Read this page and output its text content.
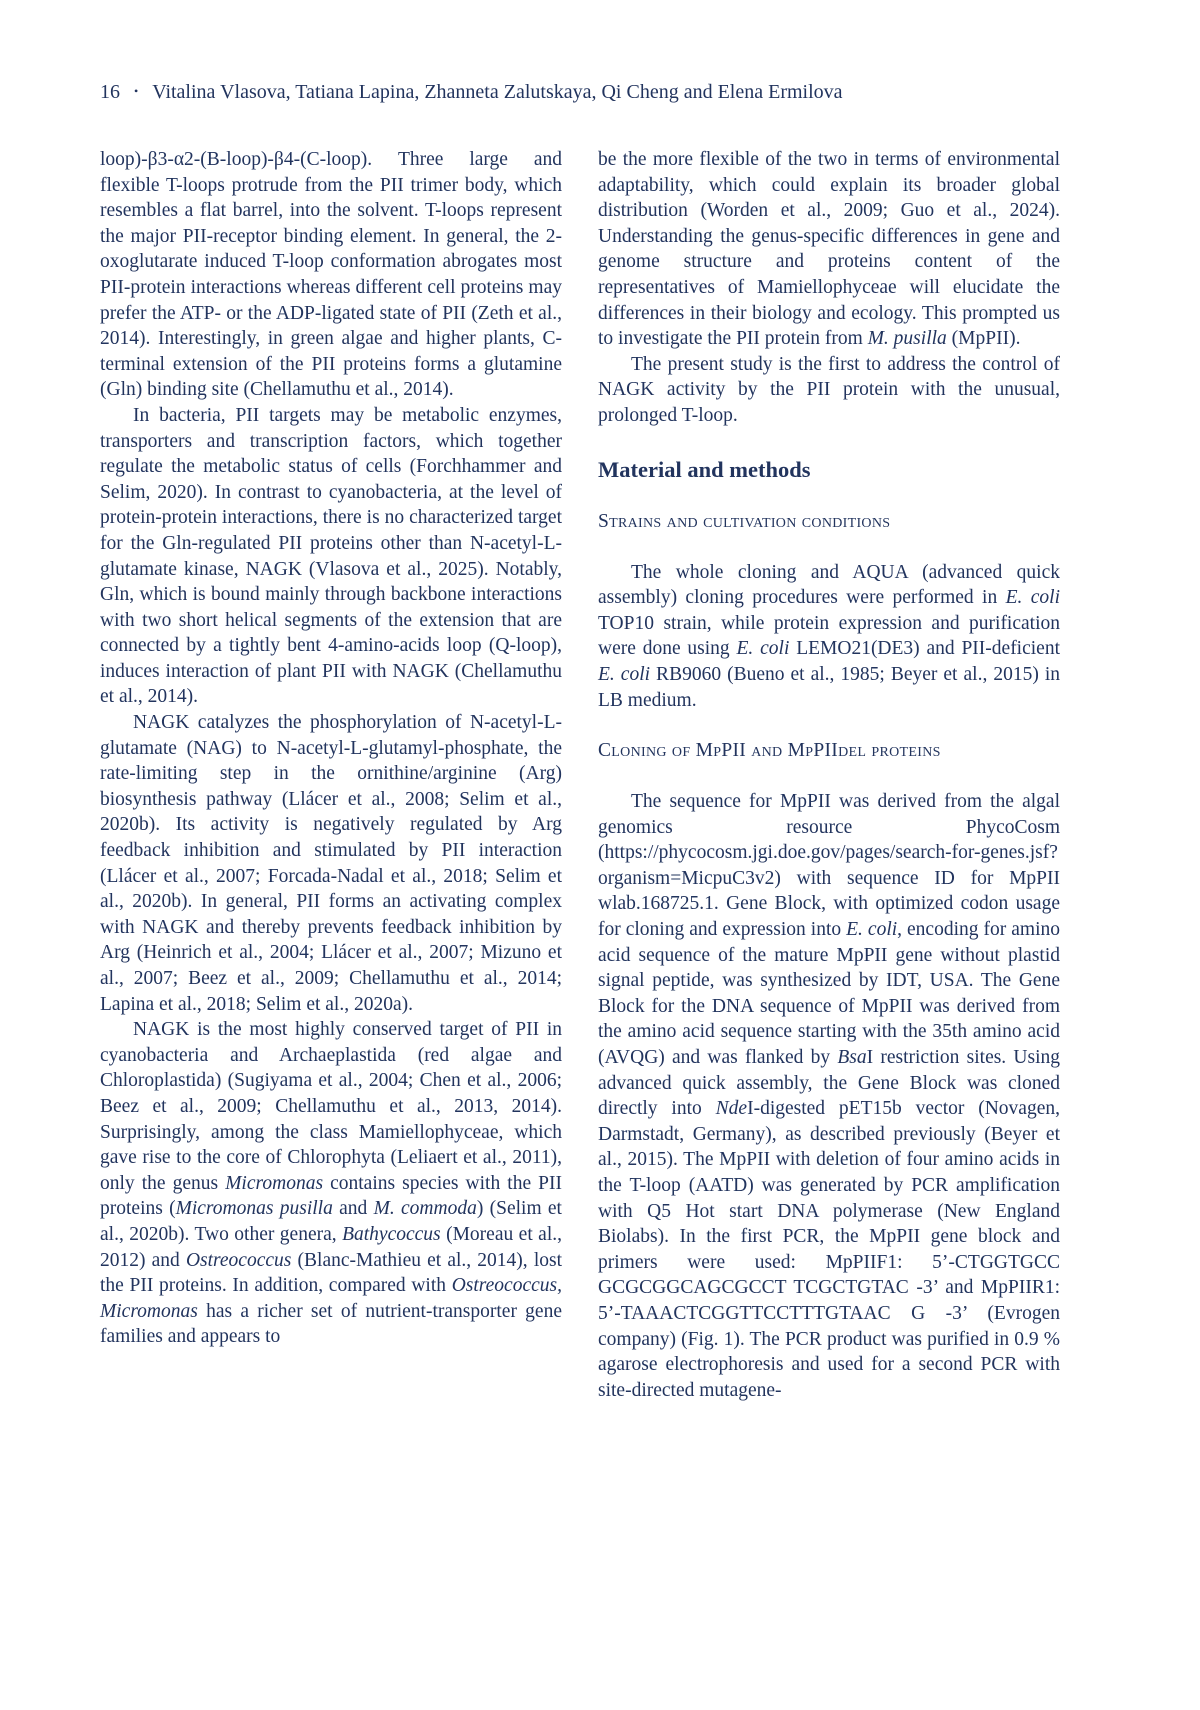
16 • Vitalina Vlasova, Tatiana Lapina, Zhanneta Zalutskaya, Qi Cheng and Elena Ermilova

loop)-β3-α2-(B-loop)-β4-(C-loop). Three large and flexible T-loops protrude from the PII trimer body, which resembles a flat barrel, into the solvent. T-loops represent the major PII-receptor binding element. In general, the 2-oxoglutarate induced T-loop conformation abrogates most PII-protein interactions whereas different cell proteins may prefer the ATP- or the ADP-ligated state of PII (Zeth et al., 2014). Interestingly, in green algae and higher plants, C-terminal extension of the PII proteins forms a glutamine (Gln) binding site (Chellamuthu et al., 2014).

In bacteria, PII targets may be metabolic enzymes, transporters and transcription factors, which together regulate the metabolic status of cells (Forchhammer and Selim, 2020). In contrast to cyanobacteria, at the level of protein-protein interactions, there is no characterized target for the Gln-regulated PII proteins other than N-acetyl-L-glutamate kinase, NAGK (Vlasova et al., 2025). Notably, Gln, which is bound mainly through backbone interactions with two short helical segments of the extension that are connected by a tightly bent 4-amino-acids loop (Q-loop), induces interaction of plant PII with NAGK (Chellamuthu et al., 2014).

NAGK catalyzes the phosphorylation of N-acetyl-L-glutamate (NAG) to N-acetyl-L-glutamyl-phosphate, the rate-limiting step in the ornithine/arginine (Arg) biosynthesis pathway (Llácer et al., 2008; Selim et al., 2020b). Its activity is negatively regulated by Arg feedback inhibition and stimulated by PII interaction (Llácer et al., 2007; Forcada-Nadal et al., 2018; Selim et al., 2020b). In general, PII forms an activating complex with NAGK and thereby prevents feedback inhibition by Arg (Heinrich et al., 2004; Llácer et al., 2007; Mizuno et al., 2007; Beez et al., 2009; Chellamuthu et al., 2014; Lapina et al., 2018; Selim et al., 2020a).

NAGK is the most highly conserved target of PII in cyanobacteria and Archaeplastida (red algae and Chloroplastida) (Sugiyama et al., 2004; Chen et al., 2006; Beez et al., 2009; Chellamuthu et al., 2013, 2014). Surprisingly, among the class Mamiellophyceae, which gave rise to the core of Chlorophyta (Leliaert et al., 2011), only the genus Micromonas contains species with the PII proteins (Micromonas pusilla and M. commoda) (Selim et al., 2020b). Two other genera, Bathycoccus (Moreau et al., 2012) and Ostreococcus (Blanc-Mathieu et al., 2014), lost the PII proteins. In addition, compared with Ostreococcus, Micromonas has a richer set of nutrient-transporter gene families and appears to

be the more flexible of the two in terms of environmental adaptability, which could explain its broader global distribution (Worden et al., 2009; Guo et al., 2024). Understanding the genus-specific differences in gene and genome structure and proteins content of the representatives of Mamiellophyceae will elucidate the differences in their biology and ecology. This prompted us to investigate the PII protein from M. pusilla (MpPII).

The present study is the first to address the control of NAGK activity by the PII protein with the unusual, prolonged T-loop.

Material and methods
Strains and cultivation conditions

The whole cloning and AQUA (advanced quick assembly) cloning procedures were performed in E. coli TOP10 strain, while protein expression and purification were done using E. coli LEMO21(DE3) and PII-deficient E. coli RB9060 (Bueno et al., 1985; Beyer et al., 2015) in LB medium.

Cloning of MpPII and MpPIIdel proteins

The sequence for MpPII was derived from the algal genomics resource PhycoCosm (https://phycocosm.jgi.doe.gov/pages/search-for-genes.jsf?organism=MicpuC3v2) with sequence ID for MpPII wlab.168725.1. Gene Block, with optimized codon usage for cloning and expression into E. coli, encoding for amino acid sequence of the mature MpPII gene without plastid signal peptide, was synthesized by IDT, USA. The Gene Block for the DNA sequence of MpPII was derived from the amino acid sequence starting with the 35th amino acid (AVQG) and was flanked by BsaI restriction sites. Using advanced quick assembly, the Gene Block was cloned directly into NdeI-digested pET15b vector (Novagen, Darmstadt, Germany), as described previously (Beyer et al., 2015). The MpPII with deletion of four amino acids in the T-loop (AATD) was generated by PCR amplification with Q5 Hot start DNA polymerase (New England Biolabs). In the first PCR, the MpPII gene block and primers were used: MpPIIF1: 5’-CTGGTGCC GCGCGGCAGCGCCT TCGCTGTAC -3’ and MpPIIR1: 5’-TAAACTCGGTTCCTTTGTAAC G -3’ (Evrogen company) (Fig. 1). The PCR product was purified in 0.9 % agarose electrophoresis and used for a second PCR with site-directed mutagene-
